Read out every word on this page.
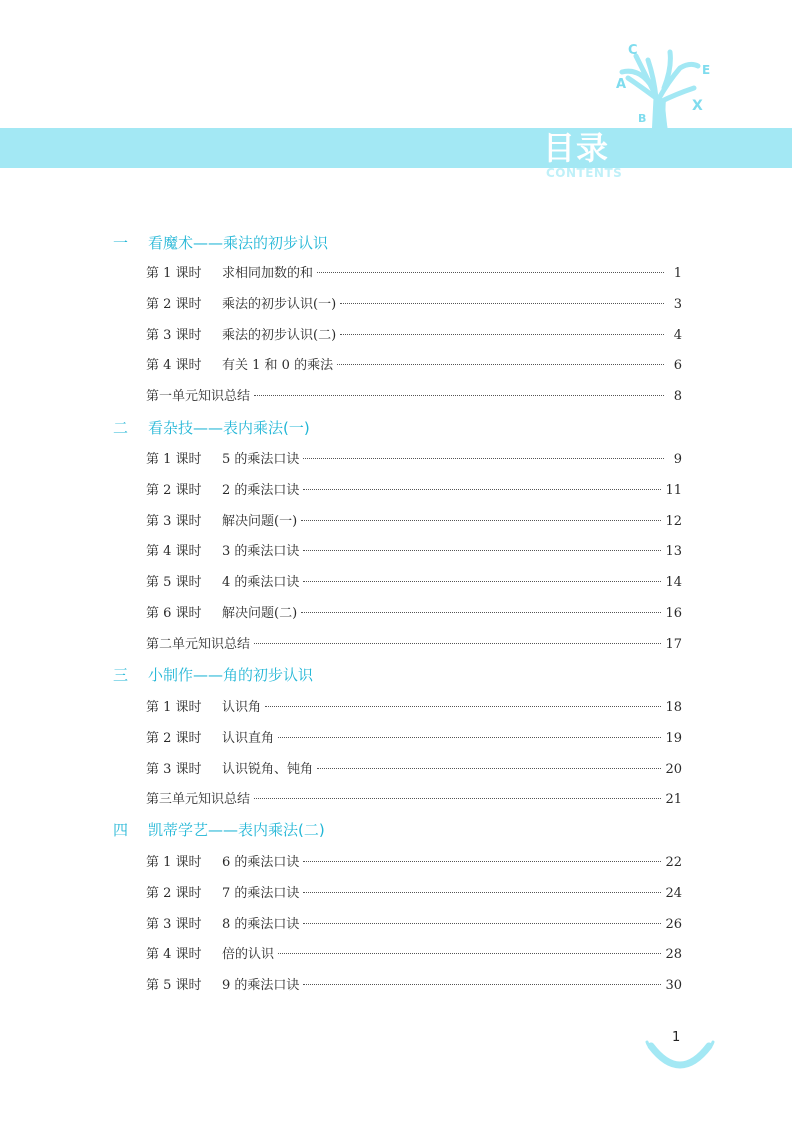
C
A
E
X
B
目录
CONTENTS
一 看魔术——乘法的初步认识
第 1 课时	求相同加数的和	1
第 2 课时	乘法的初步认识(一)	3
第 3 课时	乘法的初步认识(二)	4
第 4 课时	有关 1 和 0 的乘法	6
第一单元知识总结	8
二 看杂技——表内乘法(一)
第 1 课时	5 的乘法口诀	9
第 2 课时	2 的乘法口诀	11
第 3 课时	解决问题(一)	12
第 4 课时	3 的乘法口诀	13
第 5 课时	4 的乘法口诀	14
第 6 课时	解决问题(二)	16
第二单元知识总结	17
三 小制作——角的初步认识
第 1 课时	认识角	18
第 2 课时	认识直角	19
第 3 课时	认识锐角、钝角	20
第三单元知识总结	21
四 凯蒂学艺——表内乘法(二)
第 1 课时	6 的乘法口诀	22
第 2 课时	7 的乘法口诀	24
第 3 课时	8 的乘法口诀	26
第 4 课时	倍的认识	28
第 5 课时	9 的乘法口诀	30
1
